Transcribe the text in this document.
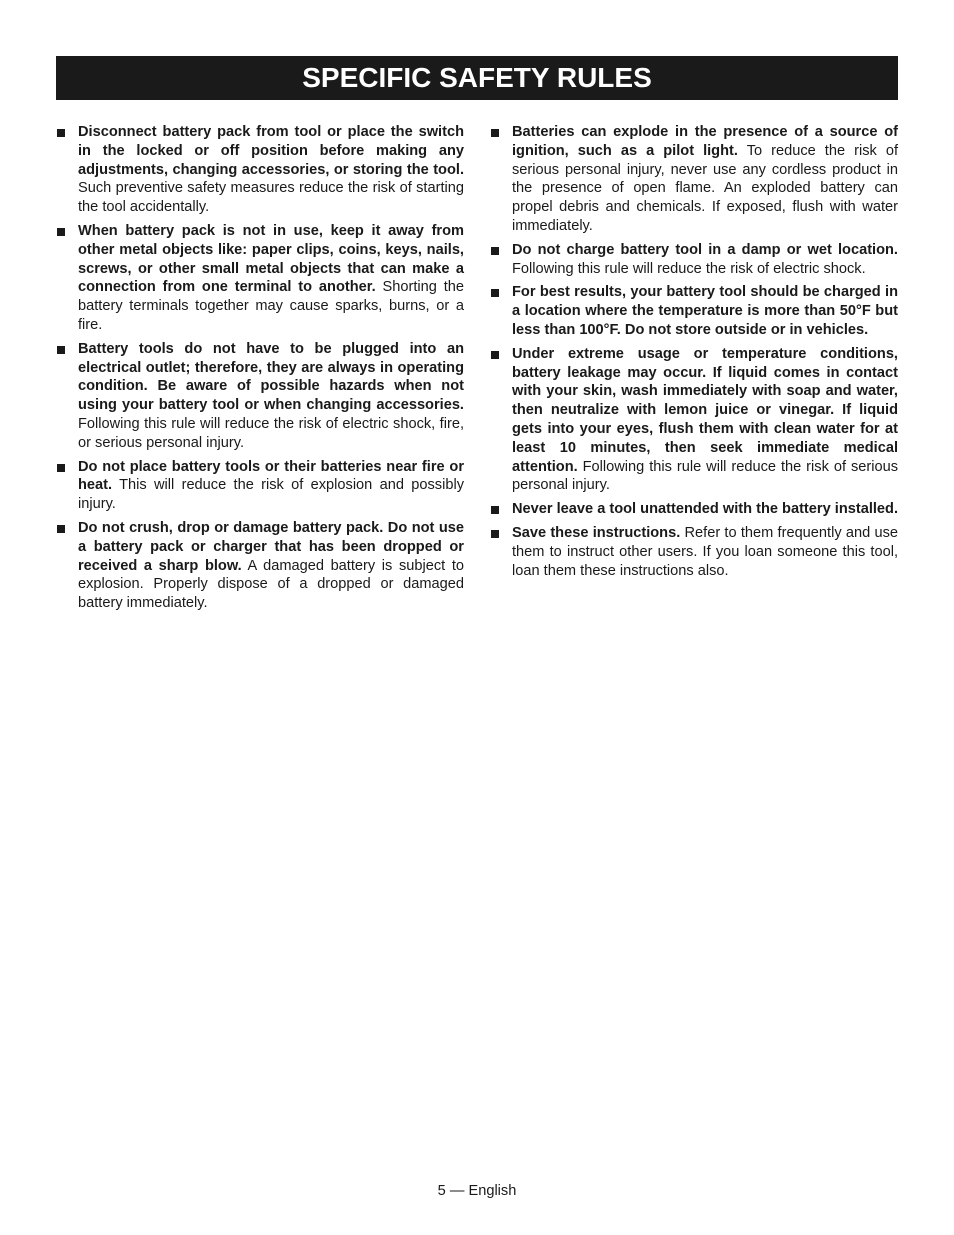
SPECIFIC SAFETY RULES
Disconnect battery pack from tool or place the switch in the locked or off position before making any adjustments, changing accessories, or storing the tool. Such preventive safety measures reduce the risk of starting the tool accidentally.
When battery pack is not in use, keep it away from other metal objects like: paper clips, coins, keys, nails, screws, or other small metal objects that can make a connection from one terminal to another. Shorting the battery terminals together may cause sparks, burns, or a fire.
Battery tools do not have to be plugged into an electrical outlet; therefore, they are always in operating condition. Be aware of possible hazards when not using your battery tool or when changing accessories. Following this rule will reduce the risk of electric shock, fire, or serious personal injury.
Do not place battery tools or their batteries near fire or heat. This will reduce the risk of explosion and possibly injury.
Do not crush, drop or damage battery pack. Do not use a battery pack or charger that has been dropped or received a sharp blow. A damaged battery is subject to explosion. Properly dispose of a dropped or damaged battery immediately.
Batteries can explode in the presence of a source of ignition, such as a pilot light. To reduce the risk of serious personal injury, never use any cordless product in the presence of open flame. An exploded battery can propel debris and chemicals. If exposed, flush with water immediately.
Do not charge battery tool in a damp or wet location. Following this rule will reduce the risk of electric shock.
For best results, your battery tool should be charged in a location where the temperature is more than 50°F but less than 100°F. Do not store outside or in vehicles.
Under extreme usage or temperature conditions, battery leakage may occur. If liquid comes in contact with your skin, wash immediately with soap and water, then neutralize with lemon juice or vinegar. If liquid gets into your eyes, flush them with clean water for at least 10 minutes, then seek immediate medical attention. Following this rule will reduce the risk of serious personal injury.
Never leave a tool unattended with the battery installed.
Save these instructions. Refer to them frequently and use them to instruct other users. If you loan someone this tool, loan them these instructions also.
5 — English
